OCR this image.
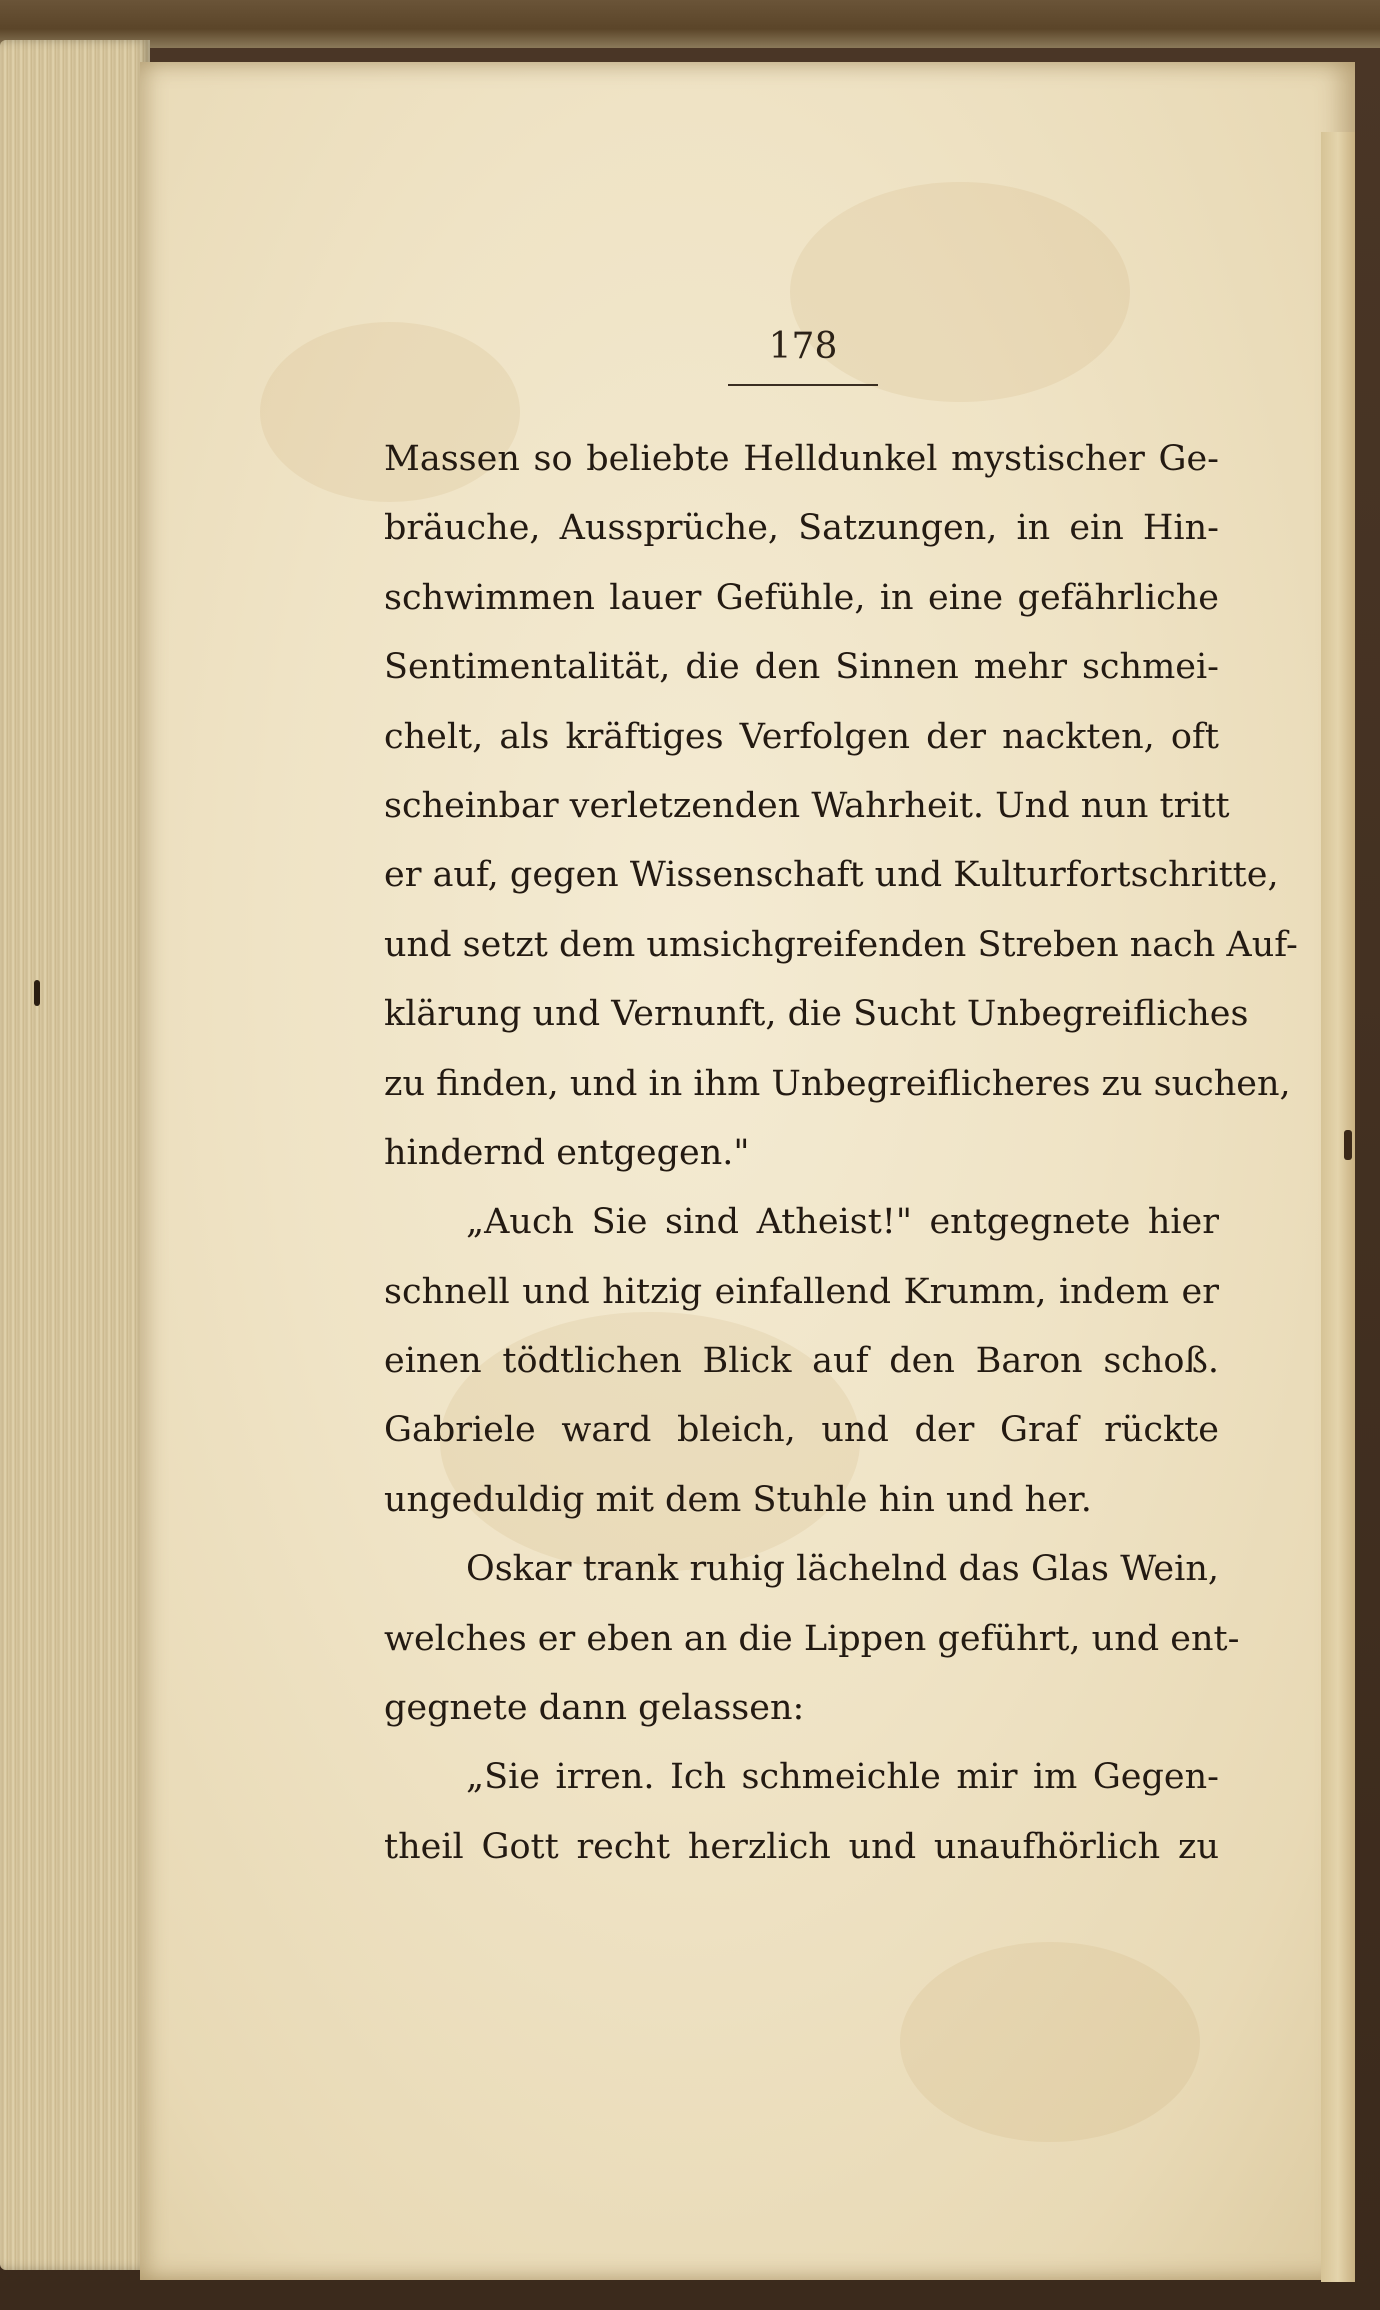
178
Massen so beliebte Helldunkel mystischer Ge-
bräuche, Aussprüche, Satzungen, in ein Hin-
schwimmen lauer Gefühle, in eine gefährliche
Sentimentalität, die den Sinnen mehr schmei-
chelt, als kräftiges Verfolgen der nackten, oft
scheinbar verletzenden Wahrheit. Und nun tritt
er auf, gegen Wissenschaft und Kulturfortschritte,
und setzt dem umsichgreifenden Streben nach Auf-
klärung und Vernunft, die Sucht Unbegreifliches
zu finden, und in ihm Unbegreiflicheres zu suchen,
hindernd entgegen."
„Auch Sie sind Atheist!" entgegnete hier
schnell und hitzig einfallend Krumm, indem er
einen tödtlichen Blick auf den Baron schoß.
Gabriele ward bleich, und der Graf rückte
ungeduldig mit dem Stuhle hin und her.
Oskar trank ruhig lächelnd das Glas Wein,
welches er eben an die Lippen geführt, und ent-
gegnete dann gelassen:
„Sie irren. Ich schmeichle mir im Gegen-
theil Gott recht herzlich und unaufhörlich zu
